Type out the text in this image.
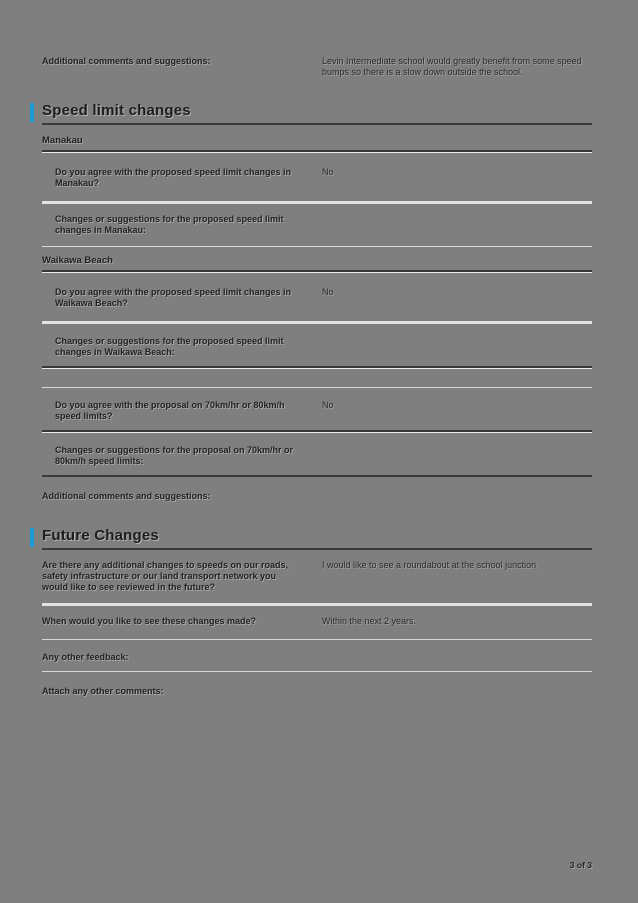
Additional comments and suggestions:	Levin Intermediate school would greatly benefit from some speed bumps so there is a slow down outside the school.
Speed limit changes
Manakau
Do you agree with the proposed speed limit changes in Manakau?
No
Changes or suggestions for the proposed speed limit changes in Manakau:
Waikawa Beach
Do you agree with the proposed speed limit changes in Waikawa Beach?
No
Changes or suggestions for the proposed speed limit changes in Waikawa Beach:
Do you agree with the proposal on 70km/hr or 80km/h speed limits?
No
Changes or suggestions for the proposal on 70km/hr or 80km/h speed limits:
Additional comments and suggestions:
Future Changes
Are there any additional changes to speeds on our roads, safety infrastructure or our land transport network you would like to see reviewed in the future?
I would like to see a roundabout at the school junction
When would you like to see these changes made?	Within the next 2 years.
Any other feedback:
Attach any other comments:
3 of 3
